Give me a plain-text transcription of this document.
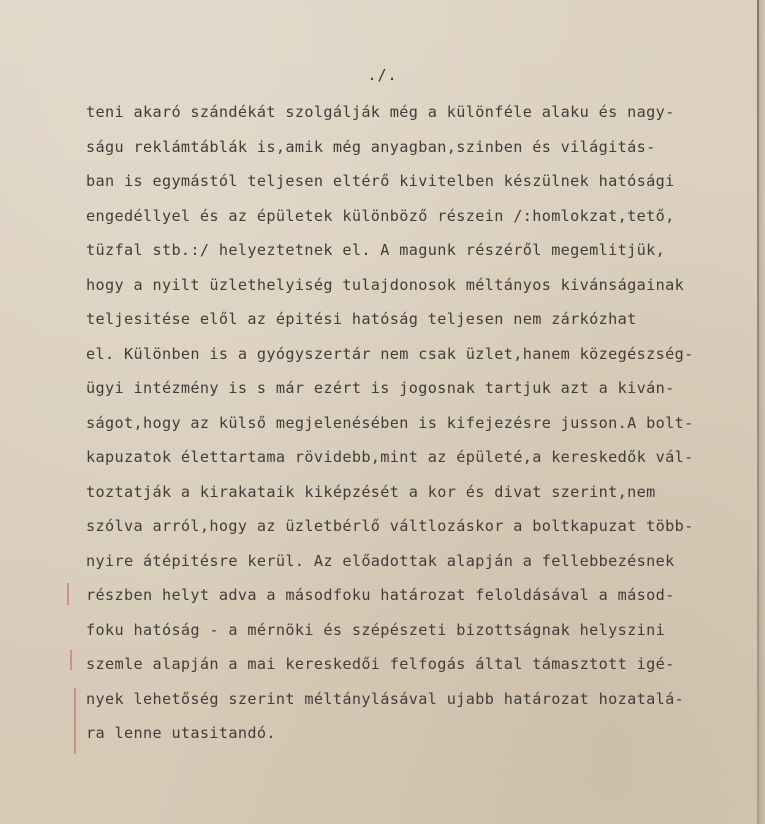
./.
teni akaró szándékát szolgálják még a különféle alaku és nagy-
ságu reklámtáblák is,amik még anyagban,szinben és világitás-
ban is egymástól teljesen eltérő kivitelben készülnek hatósági
engedéllyel és az épületek különböző részein /:homlokzat,tető,
tüzfal stb.:/ helyeztetnek el. A magunk részéről megemlitjük,
hogy a nyilt üzlethelyiség tulajdonosok méltányos kivánságainak
teljesitése elől az épitési hatóság teljesen nem zárkózhat
el. Különben is a gyógyszertár nem csak üzlet,hanem közegészség-
ügyi intézmény is s már ezért is jogosnak tartjuk azt a kiván-
ságot,hogy az külső megjelenésében is kifejezésre jusson.A bolt-
kapuzatok élettartama rövidebb,mint az épületé,a kereskedők vál-
toztatják a kirakataik kiképzését a kor és divat szerint,nem
szólva arról,hogy az üzletbérlő váltlozáskor a boltkapuzat több-
nyire átépitésre kerül. Az előadottak alapján a fellebbezésnek
részben helyt adva a másodfoku határozat feloldásával a másod-
foku hatóság - a mérnöki és szépészeti bizottságnak helyszini
szemle alapján a mai kereskedői felfogás által támasztott igé-
nyek lehetőség szerint méltánylásával ujabb határozat hozatalá-
ra lenne utasitandó.
